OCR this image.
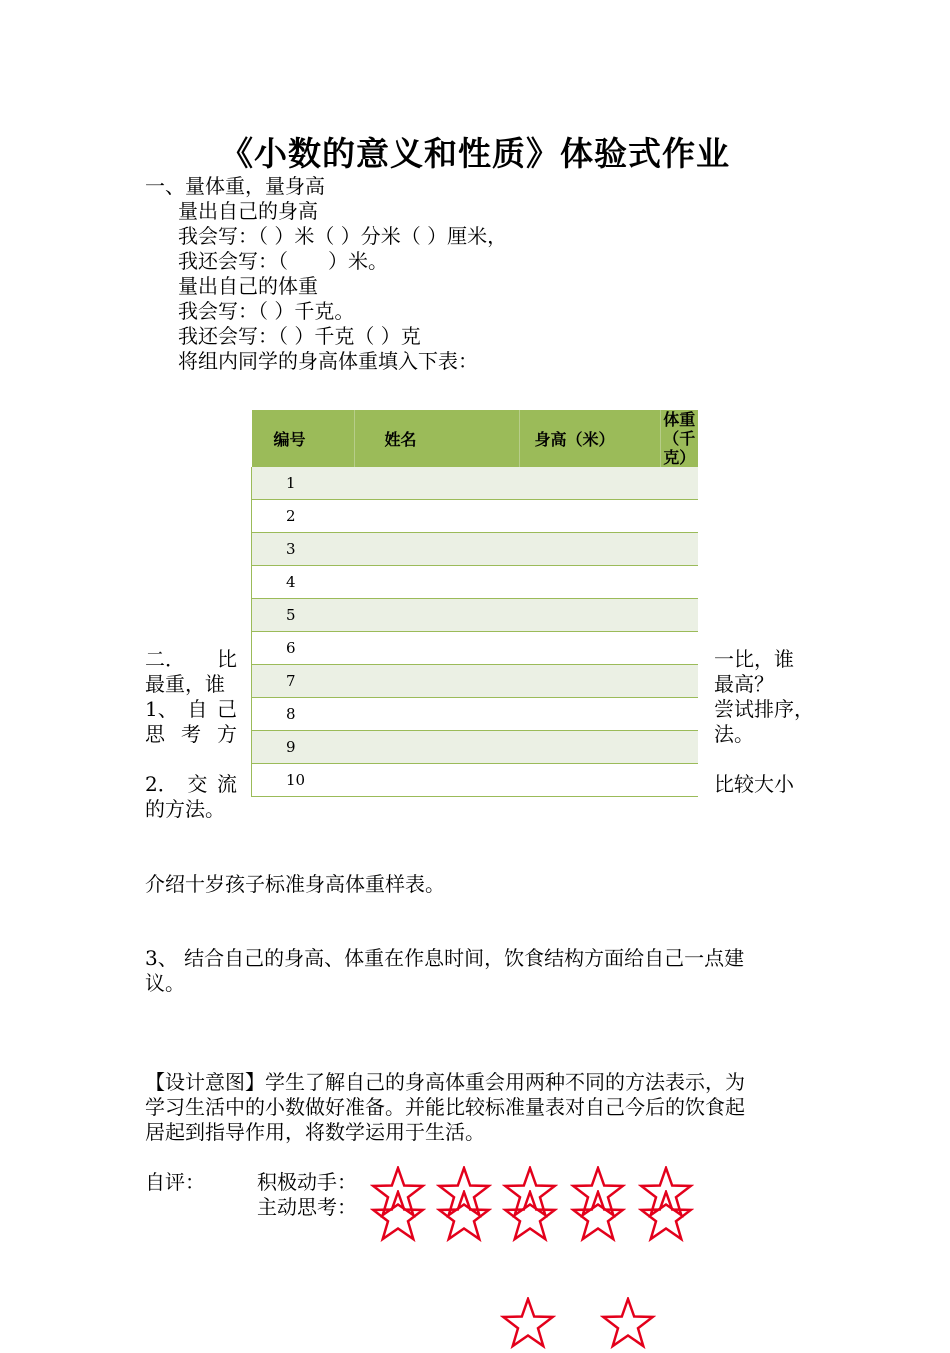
《小数的意义和性质》体验式作业
一、量体重，量身高
量出自己的身高
我会写：（ ）米（ ）分米（ ）厘米，
我还会写：（　　）米。
量出自己的体重
我会写：（ ）千克。
我还会写：（ ）千克（ ）克
将组内同学的身高体重填入下表：
编号	姓名	身高（米）	体重（千
克）
1			
2			
3			
4			
5			
6			
7			
8			
9			
10			
二． 比
最重，谁
1、 自 己
思 考 方
2． 交 流
的方法。
一比，谁
最高？
尝试排序，
法。
比较大小
介绍十岁孩子标准身高体重样表。
3、 结合自己的身高、体重在作息时间，饮食结构方面给自己一点建
议。
【设计意图】学生了解自己的身高体重会用两种不同的方法表示，为
学习生活中的小数做好准备。并能比较标准量表对自己今后的饮食起
居起到指导作用，将数学运用于生活。
自评：	积极动手：
主动思考：
